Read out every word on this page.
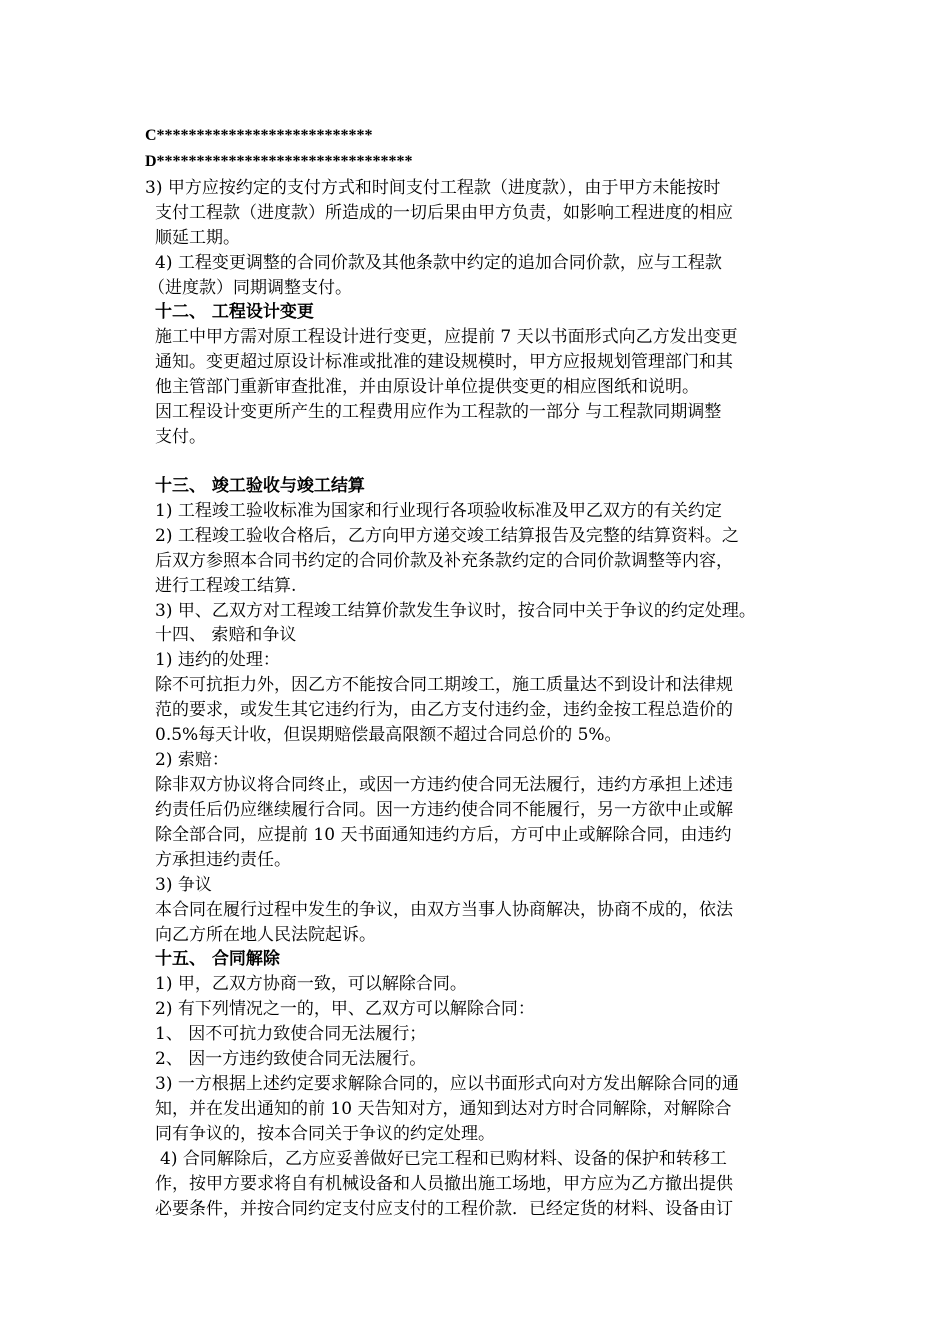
C***************************
D********************************
3) 甲方应按约定的支付方式和时间支付工程款（进度款），由于甲方未能按时
支付工程款（进度款）所造成的一切后果由甲方负责，如影响工程进度的相应
顺延工期。
4) 工程变更调整的合同价款及其他条款中约定的追加合同价款，应与工程款
（进度款）同期调整支付。
十二、 工程设计变更
施工中甲方需对原工程设计进行变更，应提前 7 天以书面形式向乙方发出变更
通知。变更超过原设计标准或批准的建设规模时，甲方应报规划管理部门和其
他主管部门重新审查批准，并由原设计单位提供变更的相应图纸和说明。
因工程设计变更所产生的工程费用应作为工程款的一部分 与工程款同期调整
支付。
十三、 竣工验收与竣工结算
1) 工程竣工验收标准为国家和行业现行各项验收标准及甲乙双方的有关约定
2) 工程竣工验收合格后，乙方向甲方递交竣工结算报告及完整的结算资料。之
后双方参照本合同书约定的合同价款及补充条款约定的合同价款调整等内容，
进行工程竣工结算.
3) 甲、乙双方对工程竣工结算价款发生争议时，按合同中关于争议的约定处理。
十四、 索赔和争议
1) 违约的处理：
除不可抗拒力外，因乙方不能按合同工期竣工，施工质量达不到设计和法律规
范的要求，或发生其它违约行为，由乙方支付违约金，违约金按工程总造价的
0.5%每天计收，但误期赔偿最高限额不超过合同总价的 5%。
2) 索赔：
除非双方协议将合同终止，或因一方违约使合同无法履行，违约方承担上述违
约责任后仍应继续履行合同。因一方违约使合同不能履行，另一方欲中止或解
除全部合同，应提前 10 天书面通知违约方后，方可中止或解除合同，由违约
方承担违约责任。
3) 争议
本合同在履行过程中发生的争议，由双方当事人协商解决，协商不成的，依法
向乙方所在地人民法院起诉。
十五、 合同解除
1) 甲，乙双方协商一致，可以解除合同。
2) 有下列情况之一的，甲、乙双方可以解除合同：
1、 因不可抗力致使合同无法履行；
2、 因一方违约致使合同无法履行。
3) 一方根据上述约定要求解除合同的，应以书面形式向对方发出解除合同的通
知，并在发出通知的前 10 天告知对方，通知到达对方时合同解除，对解除合
同有争议的，按本合同关于争议的约定处理。
4) 合同解除后，乙方应妥善做好已完工程和已购材料、设备的保护和转移工
作，按甲方要求将自有机械设备和人员撤出施工场地，甲方应为乙方撤出提供
必要条件，并按合同约定支付应支付的工程价款．已经定货的材料、设备由订
